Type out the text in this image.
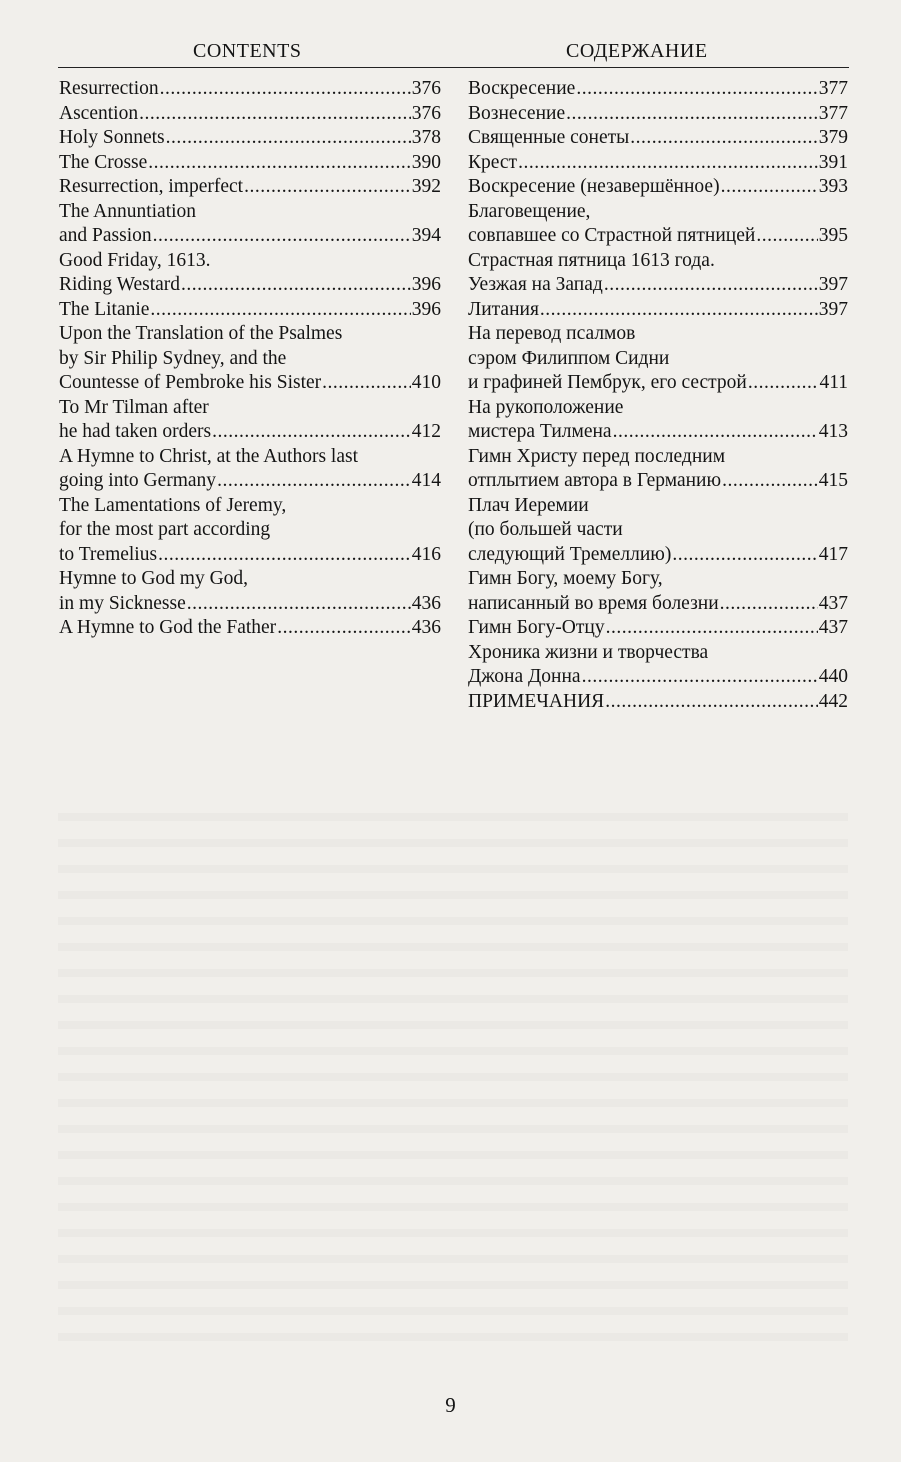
CONTENTS	СОДЕРЖАНИЕ
Resurrection .....	376
Ascention .....	376
Holy Sonnets .....	378
The Crosse .....	390
Resurrection, imperfect .....	392
The Annuntiation
and Passion .....	394
Good Friday, 1613.
Riding Westard .....	396
The Litanie .....	396
Upon the Translation of the Psalmes
by Sir Philip Sydney, and the
Countesse of Pembroke his Sister .....	410
To Mr Tilman after
he had taken orders .....	412
A Hymne to Christ, at the Authors last
going into Germany .....	414
The Lamentations of Jeremy,
for the most part according
to Tremelius .....	416
Hymne to God my God,
in my Sicknesse .....	436
A Hymne to God the Father .....	436
Воскресение .....	377
Вознесение .....	377
Священные сонеты .....	379
Крест .....	391
Воскресение (незавершённое) .....	393
Благовещение,
совпавшее со Страстной пятницей .....	395
Страстная пятница 1613 года.
Уезжая на Запад .....	397
Литания .....	397
На перевод псалмов
сэром Филиппом Сидни
и графиней Пембрук, его сестрой .....	411
На рукоположение
мистера Тилмена .....	413
Гимн Христу перед последним
отплытием автора в Германию .....	415
Плач Иеремии
(по большей части
следующий Тремеллию) .....	417
Гимн Богу, моему Богу,
написанный во время болезни .....	437
Гимн Богу-Отцу .....	437
Хроника жизни и творчества
Джона Донна .....	440
ПРИМЕЧАНИЯ .....	442
9
